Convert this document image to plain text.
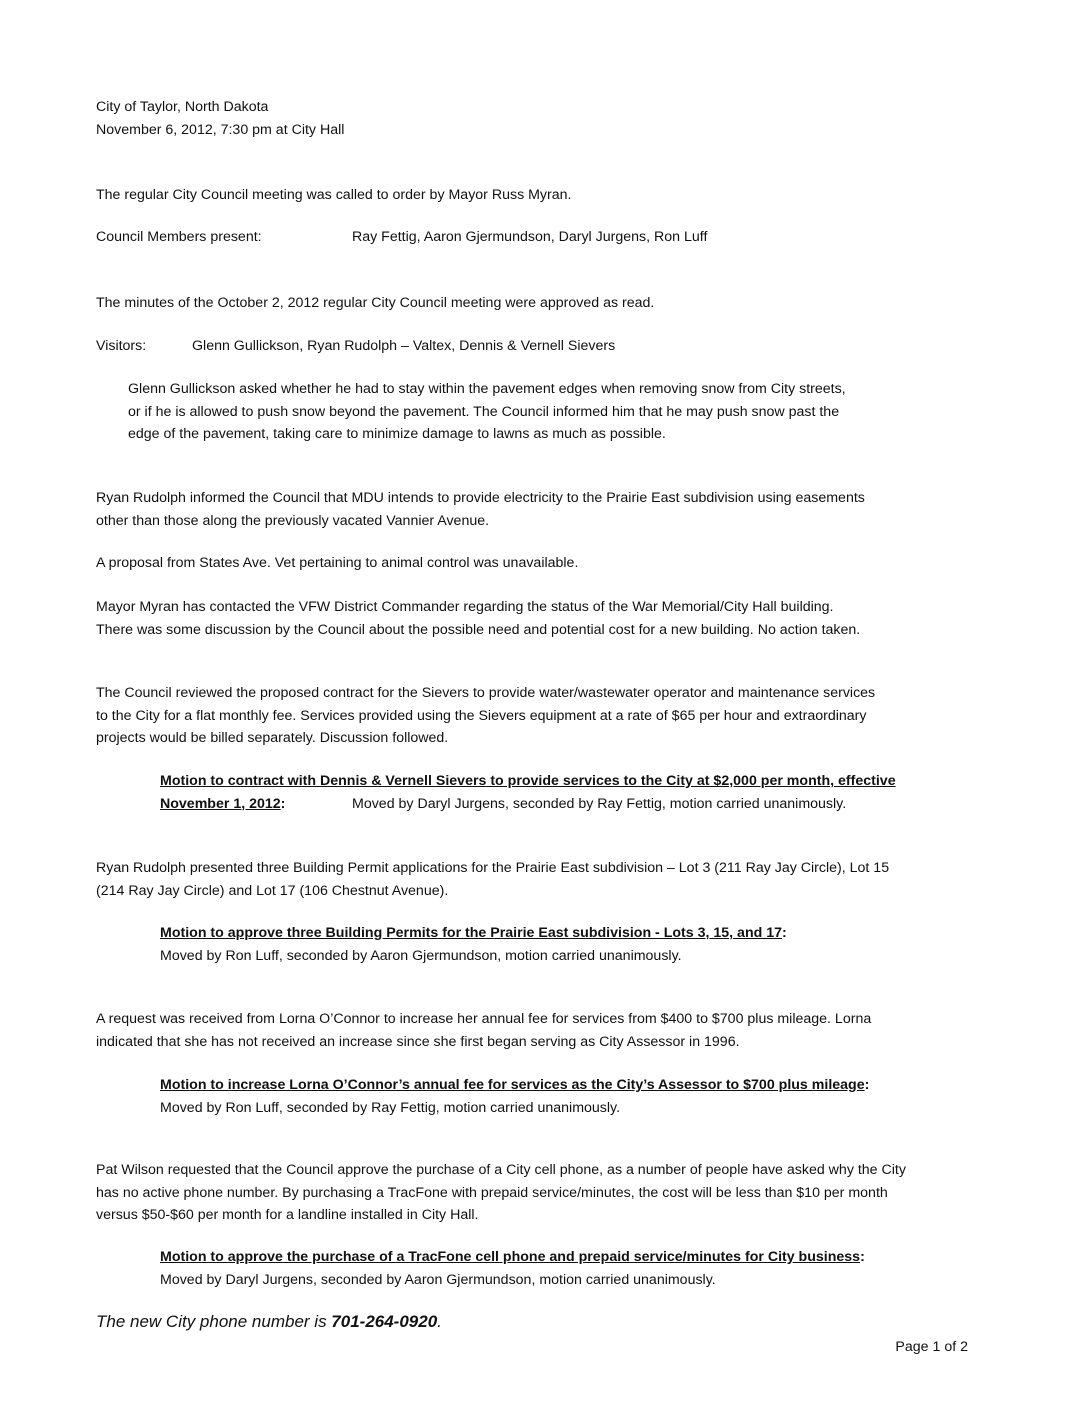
City of Taylor, North Dakota
November 6, 2012, 7:30 pm at City Hall
The regular City Council meeting was called to order by Mayor Russ Myran.
Council Members present:	Ray Fettig, Aaron Gjermundson, Daryl Jurgens, Ron Luff
The minutes of the October 2, 2012 regular City Council meeting were approved as read.
Visitors:	Glenn Gullickson, Ryan Rudolph – Valtex, Dennis & Vernell Sievers
Glenn Gullickson asked whether he had to stay within the pavement edges when removing snow from City streets,
or if he is allowed to push snow beyond the pavement. The Council informed him that he may push snow past the
edge of the pavement, taking care to minimize damage to lawns as much as possible.
Ryan Rudolph informed the Council that MDU intends to provide electricity to the Prairie East subdivision using easements
other than those along the previously vacated Vannier Avenue.
A proposal from States Ave. Vet pertaining to animal control was unavailable.
Mayor Myran has contacted the VFW District Commander regarding the status of the War Memorial/City Hall building.
There was some discussion by the Council about the possible need and potential cost for a new building. No action taken.
The Council reviewed the proposed contract for the Sievers to provide water/wastewater operator and maintenance services
to the City for a flat monthly fee. Services provided using the Sievers equipment at a rate of $65 per hour and extraordinary
projects would be billed separately. Discussion followed.
Motion to contract with Dennis & Vernell Sievers to provide services to the City at $2,000 per month, effective
November 1, 2012:	Moved by Daryl Jurgens, seconded by Ray Fettig, motion carried unanimously.
Ryan Rudolph presented three Building Permit applications for the Prairie East subdivision – Lot 3 (211 Ray Jay Circle), Lot 15
(214 Ray Jay Circle) and Lot 17 (106 Chestnut Avenue).
Motion to approve three Building Permits for the Prairie East subdivision - Lots 3, 15, and 17:
Moved by Ron Luff, seconded by Aaron Gjermundson, motion carried unanimously.
A request was received from Lorna O’Connor to increase her annual fee for services from $400 to $700 plus mileage. Lorna
indicated that she has not received an increase since she first began serving as City Assessor in 1996.
Motion to increase Lorna O’Connor’s annual fee for services as the City’s Assessor to $700 plus mileage:
Moved by Ron Luff, seconded by Ray Fettig, motion carried unanimously.
Pat Wilson requested that the Council approve the purchase of a City cell phone, as a number of people have asked why the City
has no active phone number. By purchasing a TracFone with prepaid service/minutes, the cost will be less than $10 per month
versus $50-$60 per month for a landline installed in City Hall.
Motion to approve the purchase of a TracFone cell phone and prepaid service/minutes for City business:
Moved by Daryl Jurgens, seconded by Aaron Gjermundson, motion carried unanimously.
The new City phone number is 701-264-0920.
Page 1 of 2
